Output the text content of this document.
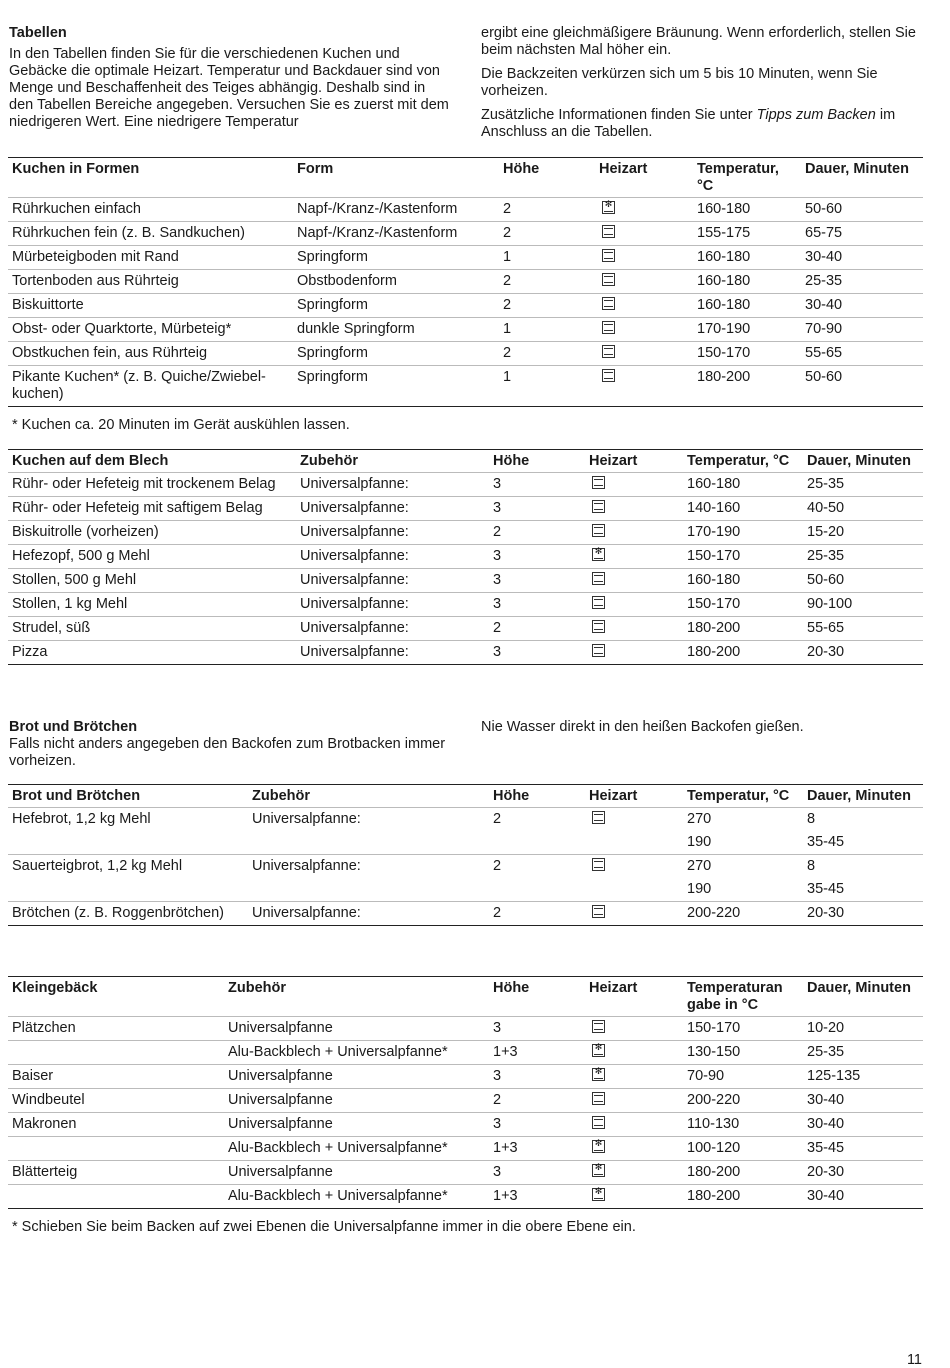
Tabellen

In den Tabellen finden Sie für die verschiedenen Kuchen und Gebäcke die optimale Heizart. Temperatur und Backdauer sind von Menge und Beschaffenheit des Teiges abhängig. Deshalb sind in den Tabellen Bereiche angegeben. Versuchen Sie es zuerst mit dem niedrigeren Wert. Eine niedrigere Temperatur

ergibt eine gleichmäßigere Bräunung. Wenn erforderlich, stellen Sie beim nächsten Mal höher ein.

Die Backzeiten verkürzen sich um 5 bis 10 Minuten, wenn Sie vorheizen.

Zusätzliche Informationen finden Sie unter Tipps zum Backen im Anschluss an die Tabellen.

Kuchen in Formen	Form	Höhe	Heizart	Temperatur, °C	Dauer, Minuten
Rührkuchen einfach	Napf-/Kranz-/Kastenform	2	✻	160-180	50-60
Rührkuchen fein (z. B. Sandkuchen)	Napf-/Kranz-/Kastenform	2		155-175	65-75
Mürbeteigboden mit Rand	Springform	1		160-180	30-40
Tortenboden aus Rührteig	Obstbodenform	2		160-180	25-35
Biskuittorte	Springform	2		160-180	30-40
Obst- oder Quarktorte, Mürbeteig*	dunkle Springform	1		170-190	70-90
Obstkuchen fein, aus Rührteig	Springform	2		150-170	55-65
Pikante Kuchen* (z. B. Quiche/Zwiebel-kuchen)	Springform	1		180-200	50-60
* Kuchen ca. 20 Minuten im Gerät auskühlen lassen.
Kuchen auf dem Blech	Zubehör	Höhe	Heizart	Temperatur, °C	Dauer, Minuten
Rühr- oder Hefeteig mit trockenem Belag	Universalpfanne:	3		160-180	25-35
Rühr- oder Hefeteig mit saftigem Belag	Universalpfanne:	3		140-160	40-50
Biskuitrolle (vorheizen)	Universalpfanne:	2		170-190	15-20
Hefezopf, 500 g Mehl	Universalpfanne:	3	✻	150-170	25-35
Stollen, 500 g Mehl	Universalpfanne:	3		160-180	50-60
Stollen, 1 kg Mehl	Universalpfanne:	3		150-170	90-100
Strudel, süß	Universalpfanne:	2		180-200	55-65
Pizza	Universalpfanne:	3		180-200	20-30
Brot und Brötchen

Falls nicht anders angegeben den Backofen zum Brotbacken immer vorheizen.

Nie Wasser direkt in den heißen Backofen gießen.

Brot und Brötchen	Zubehör	Höhe	Heizart	Temperatur, °C	Dauer, Minuten
Hefebrot, 1,2 kg Mehl	Universalpfanne:	2		270	8
				190	35-45
Sauerteigbrot, 1,2 kg Mehl	Universalpfanne:	2		270	8
				190	35-45
Brötchen (z. B. Roggenbrötchen)	Universalpfanne:	2		200-220	20-30
Kleingebäck	Zubehör	Höhe	Heizart	Temperaturan gabe in °C	Dauer, Minuten
Plätzchen	Universalpfanne	3		150-170	10-20
	Alu-Backblech + Universalpfanne*	1+3	✻	130-150	25-35
Baiser	Universalpfanne	3	✻	70-90	125-135
Windbeutel	Universalpfanne	2		200-220	30-40
Makronen	Universalpfanne	3		110-130	30-40
	Alu-Backblech + Universalpfanne*	1+3	✻	100-120	35-45
Blätterteig	Universalpfanne	3	✻	180-200	20-30
	Alu-Backblech + Universalpfanne*	1+3	✻	180-200	30-40
* Schieben Sie beim Backen auf zwei Ebenen die Universalpfanne immer in die obere Ebene ein.
11
